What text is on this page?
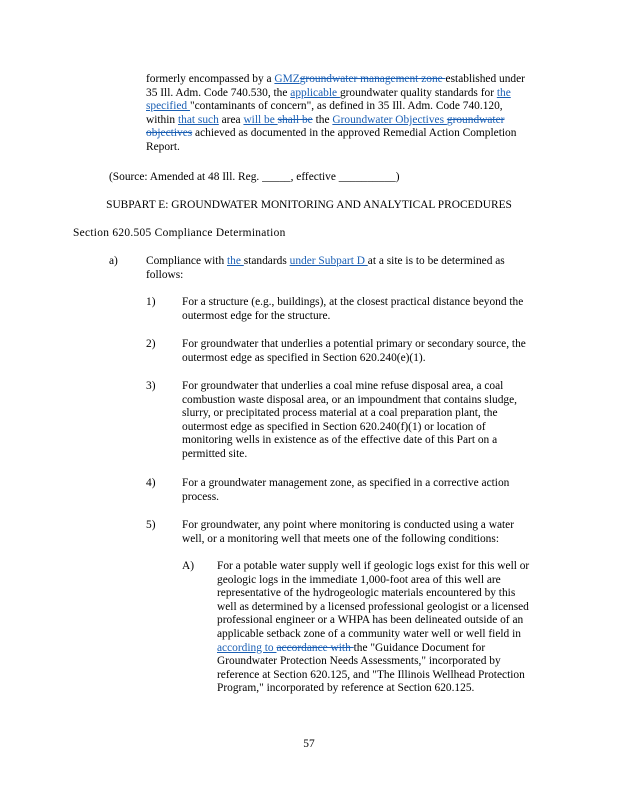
formerly encompassed by a GMZgroundwater management zone established under 35 Ill. Adm. Code 740.530, the applicable groundwater quality standards for the specified "contaminants of concern", as defined in 35 Ill. Adm. Code 740.120, within that such area will be shall be the Groundwater Objectives groundwater objectives achieved as documented in the approved Remedial Action Completion Report.

(Source: Amended at 48 Ill. Reg. _____, effective __________)

SUBPART E: GROUNDWATER MONITORING AND ANALYTICAL PROCEDURES

Section 620.505 Compliance Determination

a) Compliance with the standards under Subpart D at a site is to be determined as follows:

1) For a structure (e.g., buildings), at the closest practical distance beyond the outermost edge for the structure.

2) For groundwater that underlies a potential primary or secondary source, the outermost edge as specified in Section 620.240(e)(1).

3) For groundwater that underlies a coal mine refuse disposal area, a coal combustion waste disposal area, or an impoundment that contains sludge, slurry, or precipitated process material at a coal preparation plant, the outermost edge as specified in Section 620.240(f)(1) or location of monitoring wells in existence as of the effective date of this Part on a permitted site.

4) For a groundwater management zone, as specified in a corrective action process.

5) For groundwater, any point where monitoring is conducted using a water well, or a monitoring well that meets one of the following conditions:

A) For a potable water supply well if geologic logs exist for this well or geologic logs in the immediate 1,000-foot area of this well are representative of the hydrogeologic materials encountered by this well as determined by a licensed professional geologist or a licensed professional engineer or a WHPA has been delineated outside of an applicable setback zone of a community water well or well field in according to accordance with the "Guidance Document for Groundwater Protection Needs Assessments," incorporated by reference at Section 620.125, and "The Illinois Wellhead Protection Program," incorporated by reference at Section 620.125.

57
